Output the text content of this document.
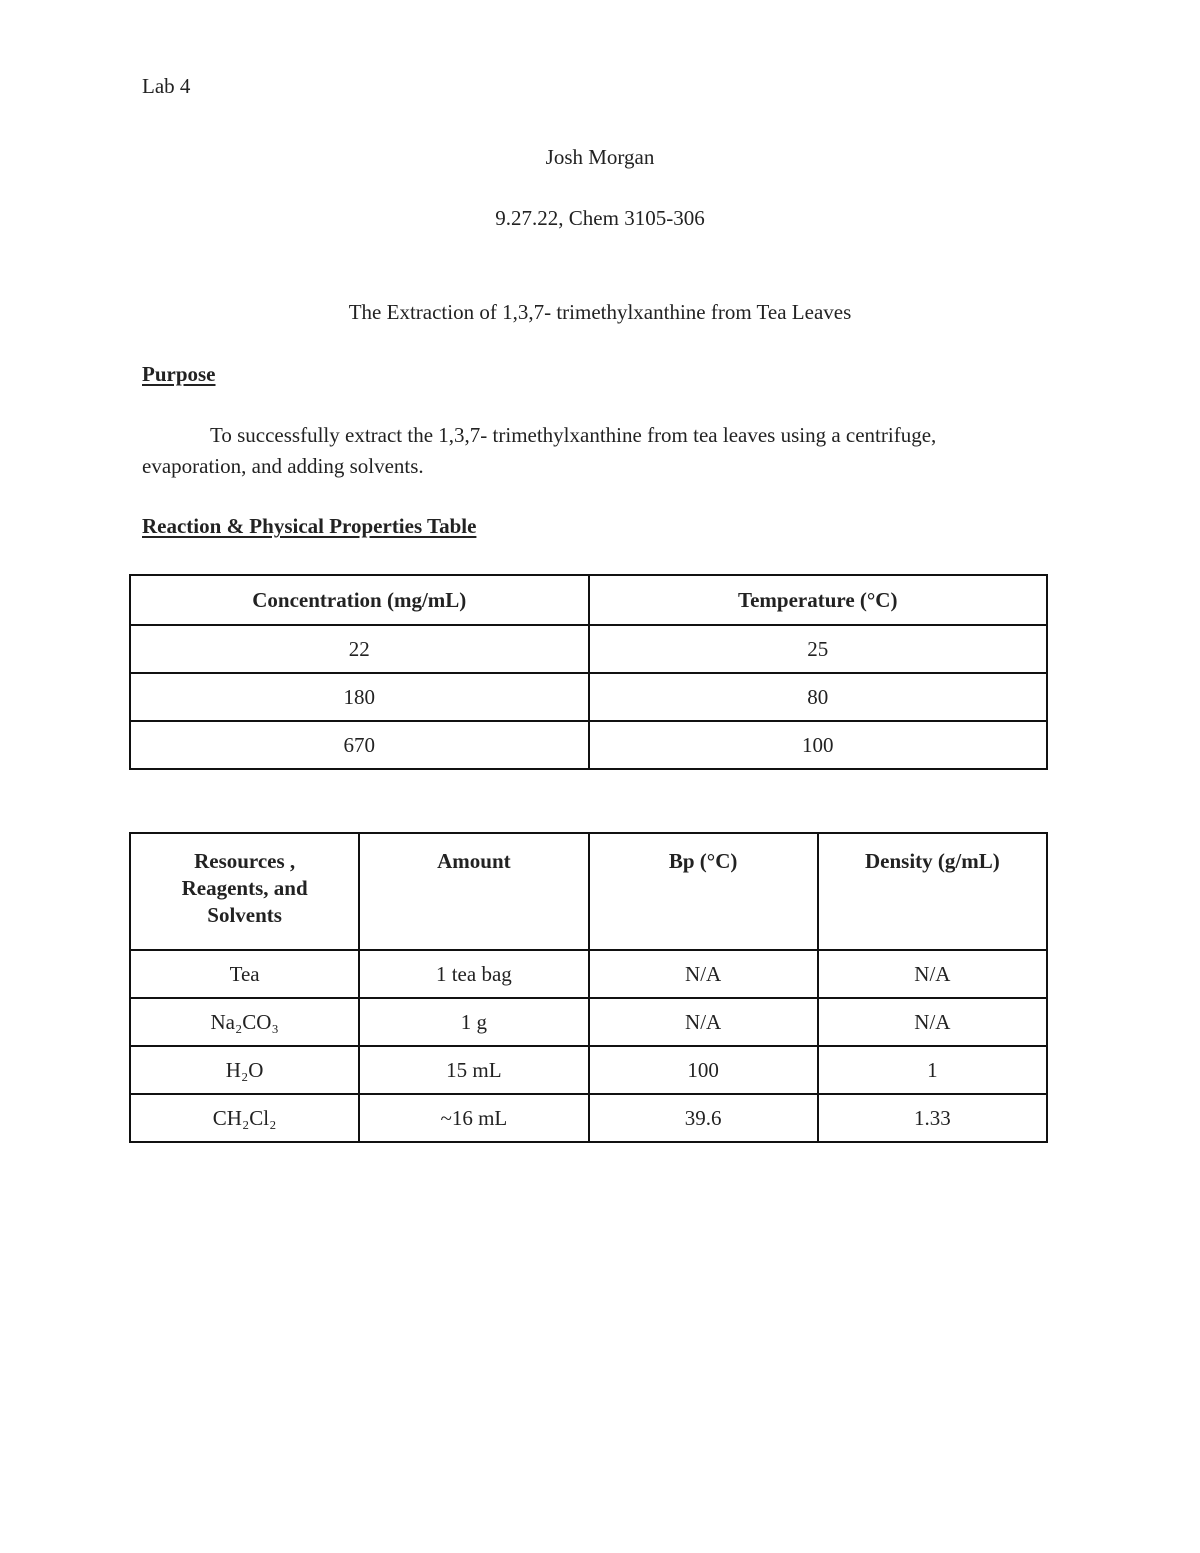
Lab 4
Josh Morgan
9.27.22, Chem 3105-306
The Extraction of 1,3,7- trimethylxanthine from Tea Leaves
Purpose
To successfully extract the 1,3,7- trimethylxanthine from tea leaves using a centrifuge, evaporation, and adding solvents.
Reaction & Physical Properties Table
Concentration (mg/mL)	Temperature (°C)
22	25
180	80
670	100
Resources , Reagents, and Solvents	Amount	Bp (°C)	Density (g/mL)
Tea	1 tea bag	N/A	N/A
Na₂CO₃	1 g	N/A	N/A
H₂O	15 mL	100	1
CH₂Cl₂	~16 mL	39.6	1.33
